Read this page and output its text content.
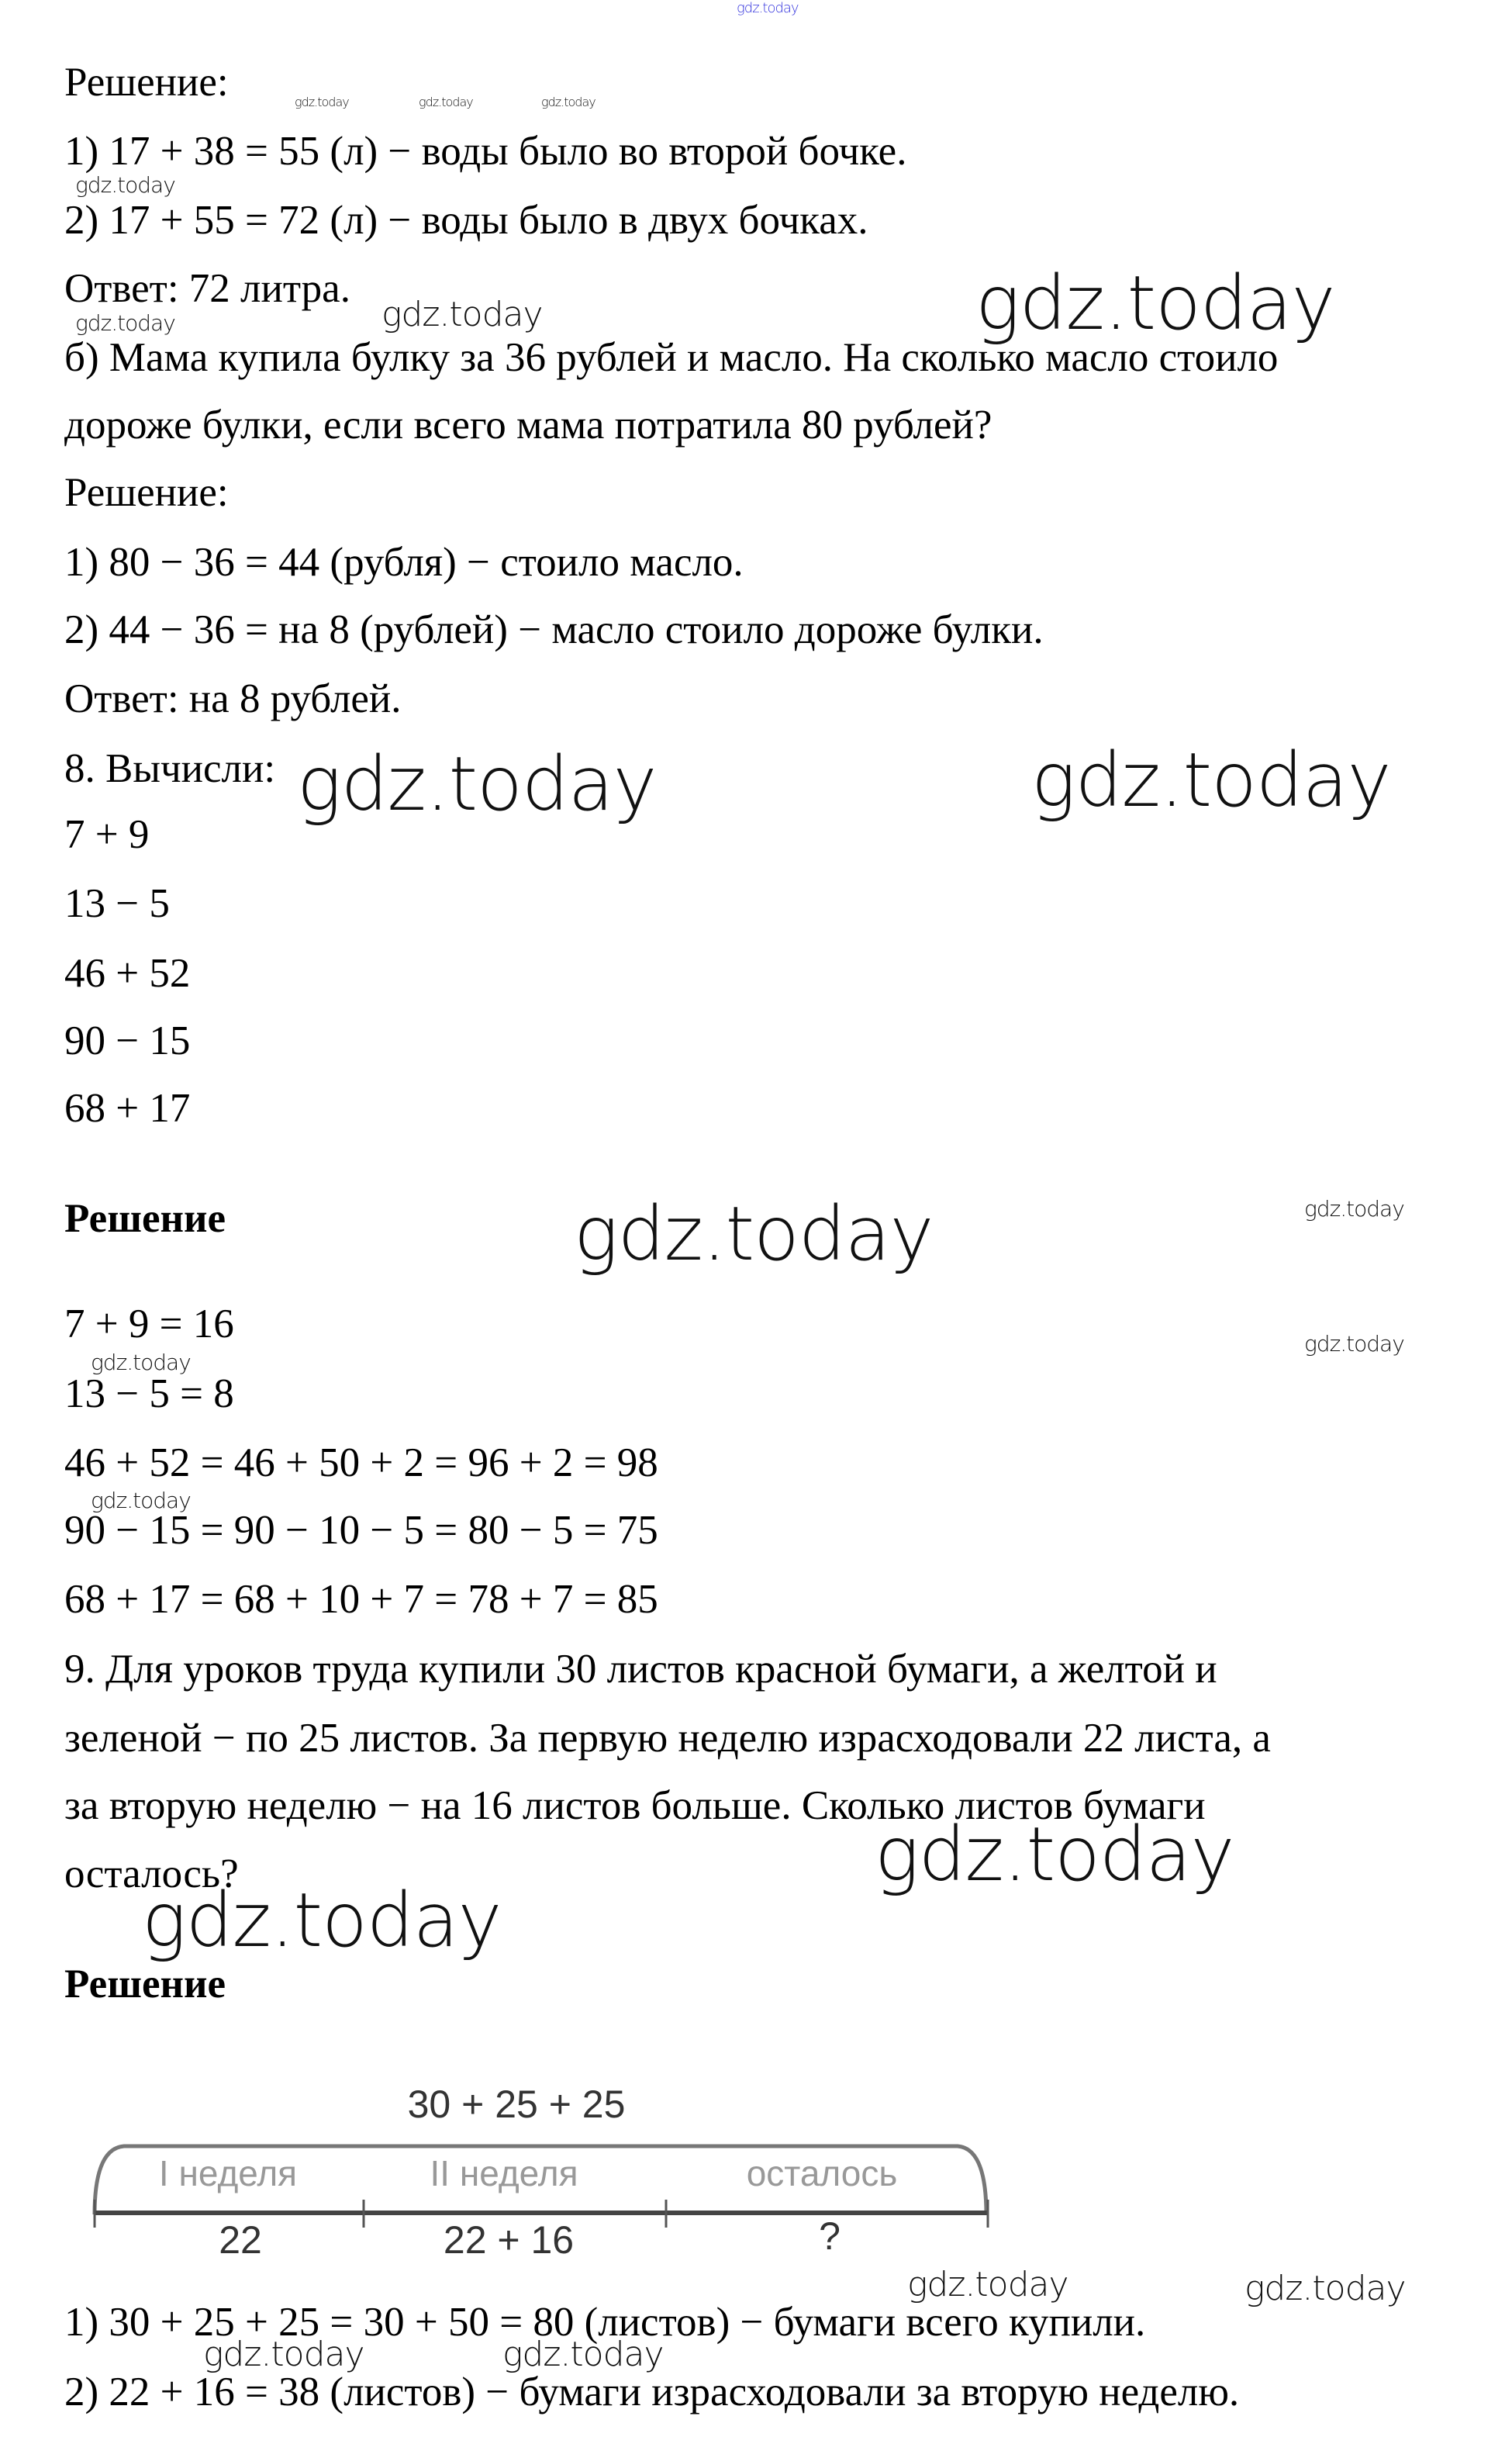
gdz.today
gdz.today	gdz.today	gdz.today
gdz.today
gdz.today	gdz.today	gdz.today
gdz.today	gdz.today
gdz.today	gdz.today
gdz.today
gdz.today
gdz.today
gdz.today
gdz.today
gdz.today	gdz.today
gdz.today	gdz.today
Решение:
1) 17 + 38 = 55 (л) − воды было во второй бочке.
2) 17 + 55 = 72 (л) − воды было в двух бочках.
Ответ: 72 литра.
б) Мама купила булку за 36 рублей и масло. На сколько масло стоило
дороже булки, если всего мама потратила 80 рублей?
Решение:
1) 80 − 36 = 44 (рубля) − стоило масло.
2) 44 − 36 = на 8 (рублей) − масло стоило дороже булки.
Ответ: на 8 рублей.
8. Вычисли:
7 + 9
13 − 5
46 + 52
90 − 15
68 + 17
Решение
7 + 9 = 16
13 − 5 = 8
46 + 52 = 46 + 50 + 2 = 96 + 2 = 98
90 − 15 = 90 − 10 − 5 = 80 − 5 = 75
68 + 17 = 68 + 10 + 7 = 78 + 7 = 85
9. Для уроков труда купили 30 листов красной бумаги, а желтой и
зеленой − по 25 листов. За первую неделю израсходовали 22 листа, а
за вторую неделю − на 16 листов больше. Сколько листов бумаги
осталось?
Решение
30 + 25 + 25
I неделя	II неделя	осталось
22	22 + 16	?
1) 30 + 25 + 25 = 30 + 50 = 80 (листов) − бумаги всего купили.
2) 22 + 16 = 38 (листов) − бумаги израсходовали за вторую неделю.
